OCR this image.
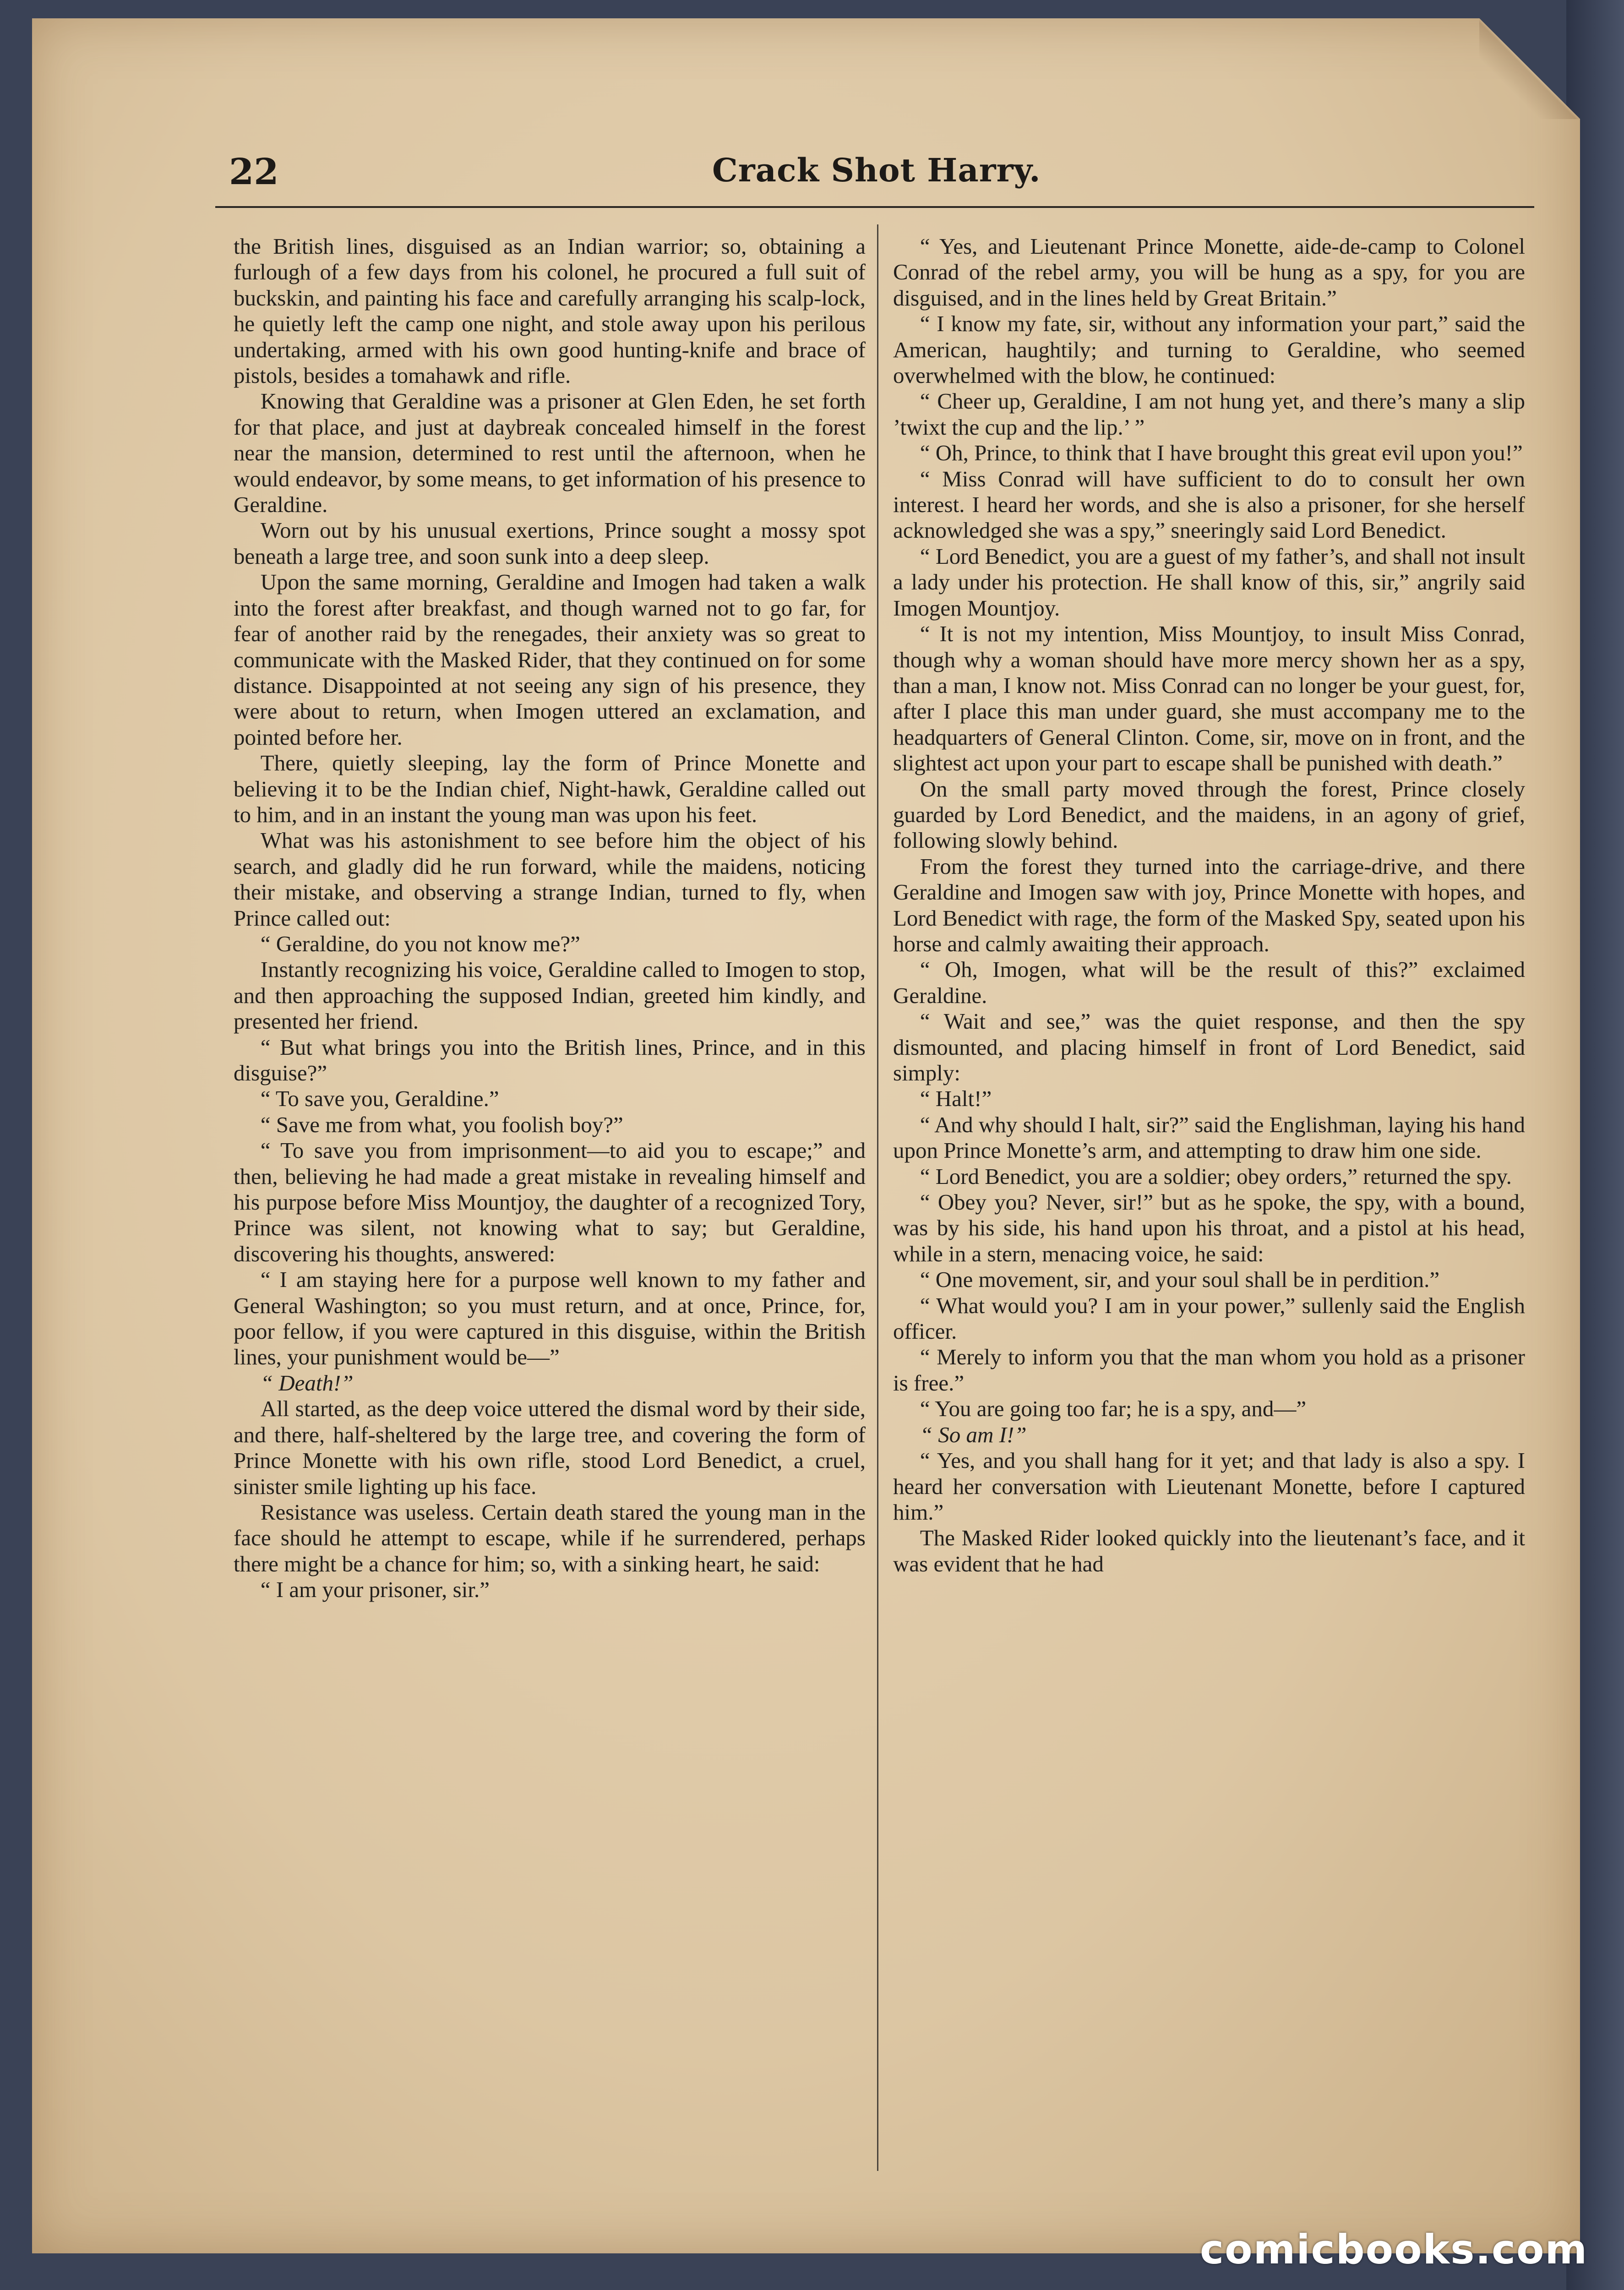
22	Crack Shot Harry.

the British lines, disguised as an Indian warrior; so, obtaining a furlough of a few days from his colonel, he procured a full suit of buckskin, and painting his face and carefully arranging his scalp-lock, he quietly left the camp one night, and stole away upon his perilous undertaking, armed with his own good hunting-knife and brace of pistols, besides a tomahawk and rifle.

Knowing that Geraldine was a prisoner at Glen Eden, he set forth for that place, and just at daybreak concealed himself in the forest near the mansion, determined to rest until the afternoon, when he would endeavor, by some means, to get information of his presence to Geraldine.

Worn out by his unusual exertions, Prince sought a mossy spot beneath a large tree, and soon sunk into a deep sleep.

Upon the same morning, Geraldine and Imogen had taken a walk into the forest after breakfast, and though warned not to go far, for fear of another raid by the renegades, their anxiety was so great to communicate with the Masked Rider, that they continued on for some distance. Disappointed at not seeing any sign of his presence, they were about to return, when Imogen uttered an exclamation, and pointed before her.

There, quietly sleeping, lay the form of Prince Monette and believing it to be the Indian chief, Night-hawk, Geraldine called out to him, and in an instant the young man was upon his feet.

What was his astonishment to see before him the object of his search, and gladly did he run forward, while the maidens, noticing their mistake, and observing a strange Indian, turned to fly, when Prince called out:

“ Geraldine, do you not know me?”

Instantly recognizing his voice, Geraldine called to Imogen to stop, and then approaching the supposed Indian, greeted him kindly, and presented her friend.

“ But what brings you into the British lines, Prince, and in this disguise?”

“ To save you, Geraldine.”

“ Save me from what, you foolish boy?”

“ To save you from imprisonment—to aid you to escape;” and then, believing he had made a great mistake in revealing himself and his purpose before Miss Mountjoy, the daughter of a recognized Tory, Prince was silent, not knowing what to say; but Geraldine, discovering his thoughts, answered:

“ I am staying here for a purpose well known to my father and General Washington; so you must return, and at once, Prince, for, poor fellow, if you were captured in this disguise, within the British lines, your punishment would be—”

“ Death!”

All started, as the deep voice uttered the dismal word by their side, and there, half-sheltered by the large tree, and covering the form of Prince Monette with his own rifle, stood Lord Benedict, a cruel, sinister smile lighting up his face.

Resistance was useless. Certain death stared the young man in the face should he attempt to escape, while if he surrendered, perhaps there might be a chance for him; so, with a sinking heart, he said:

“ I am your prisoner, sir.”

“ Yes, and Lieutenant Prince Monette, aide-de-camp to Colonel Conrad of the rebel army, you will be hung as a spy, for you are disguised, and in the lines held by Great Britain.”

“ I know my fate, sir, without any information your part,” said the American, haughtily; and turning to Geraldine, who seemed overwhelmed with the blow, he continued:

“ Cheer up, Geraldine, I am not hung yet, and there’s many a slip ’twixt the cup and the lip.’ ”

“ Oh, Prince, to think that I have brought this great evil upon you!”

“ Miss Conrad will have sufficient to do to consult her own interest. I heard her words, and she is also a prisoner, for she herself acknowledged she was a spy,” sneeringly said Lord Benedict.

“ Lord Benedict, you are a guest of my father’s, and shall not insult a lady under his protection. He shall know of this, sir,” angrily said Imogen Mountjoy.

“ It is not my intention, Miss Mountjoy, to insult Miss Conrad, though why a woman should have more mercy shown her as a spy, than a man, I know not. Miss Conrad can no longer be your guest, for, after I place this man under guard, she must accompany me to the headquarters of General Clinton. Come, sir, move on in front, and the slightest act upon your part to escape shall be punished with death.”

On the small party moved through the forest, Prince closely guarded by Lord Benedict, and the maidens, in an agony of grief, following slowly behind.

From the forest they turned into the carriage-drive, and there Geraldine and Imogen saw with joy, Prince Monette with hopes, and Lord Benedict with rage, the form of the Masked Spy, seated upon his horse and calmly awaiting their approach.

“ Oh, Imogen, what will be the result of this?” exclaimed Geraldine.

“ Wait and see,” was the quiet response, and then the spy dismounted, and placing himself in front of Lord Benedict, said simply:

“ Halt!”

“ And why should I halt, sir?” said the Englishman, laying his hand upon Prince Monette’s arm, and attempting to draw him one side.

“ Lord Benedict, you are a soldier; obey orders,” returned the spy.

“ Obey you? Never, sir!” but as he spoke, the spy, with a bound, was by his side, his hand upon his throat, and a pistol at his head, while in a stern, menacing voice, he said:

“ One movement, sir, and your soul shall be in perdition.”

“ What would you? I am in your power,” sullenly said the English officer.

“ Merely to inform you that the man whom you hold as a prisoner is free.”

“ You are going too far; he is a spy, and—”

“ So am I!”

“ Yes, and you shall hang for it yet; and that lady is also a spy. I heard her conversation with Lieutenant Monette, before I captured him.”

The Masked Rider looked quickly into the lieutenant’s face, and it was evident that he had

comicbooks.com
